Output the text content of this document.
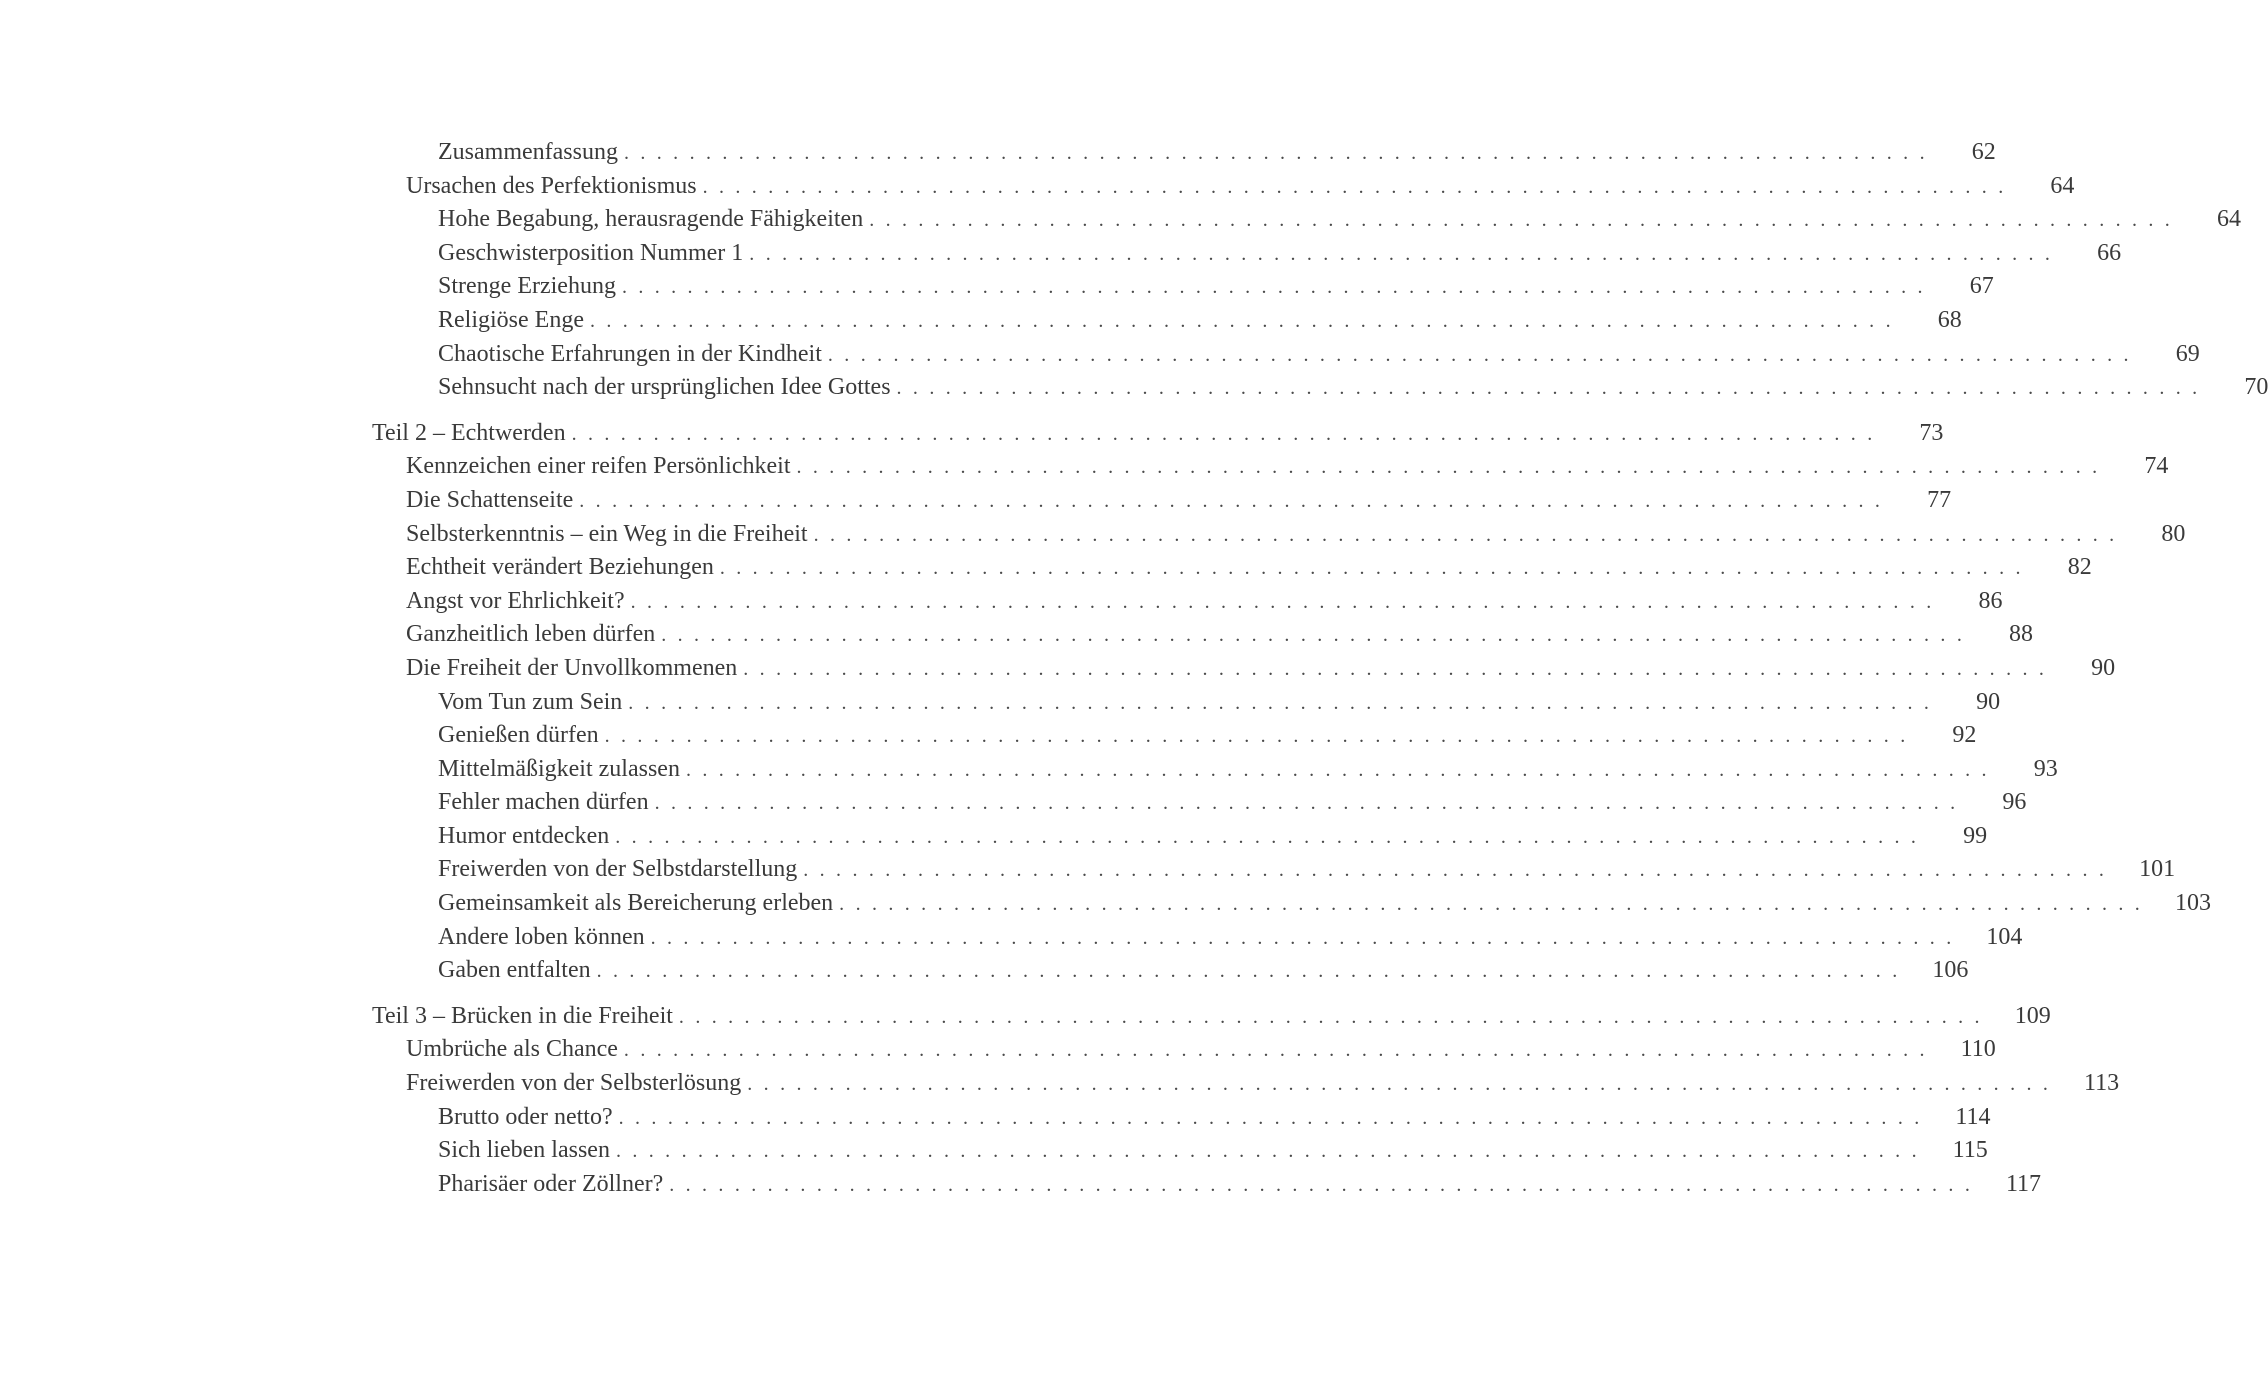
Zusammenfassung . . . . . . . . . . . . . . . . . . . . . . . . . . . . . . . . . . . . . . . . . . . . . . . . . . . . . . . . . . . . . . . . . . . . . . . . . . . . . . . .	62
Ursachen des Perfektionismus . . . . . . . . . . . . . . . . . . . . . . . . . . . . . . . . . . . . . . . . . . . . . . . . . . . . . . . . . . . . . . . . . . . . . . . . . . . . . . . .	64
Hohe Begabung, herausragende Fähigkeiten . . . . . . . . . . . . . . . . . . . . . . . . . . . . . . . . . . . . . . . . . . . . . . . . . . . . . . . . . . . . . . . . . . . . . . . . . . . . . . . .	64
Geschwisterposition Nummer 1 . . . . . . . . . . . . . . . . . . . . . . . . . . . . . . . . . . . . . . . . . . . . . . . . . . . . . . . . . . . . . . . . . . . . . . . . . . . . . . . .	66
Strenge Erziehung . . . . . . . . . . . . . . . . . . . . . . . . . . . . . . . . . . . . . . . . . . . . . . . . . . . . . . . . . . . . . . . . . . . . . . . . . . . . . . . .	67
Religiöse Enge . . . . . . . . . . . . . . . . . . . . . . . . . . . . . . . . . . . . . . . . . . . . . . . . . . . . . . . . . . . . . . . . . . . . . . . . . . . . . . . .	68
Chaotische Erfahrungen in der Kindheit . . . . . . . . . . . . . . . . . . . . . . . . . . . . . . . . . . . . . . . . . . . . . . . . . . . . . . . . . . . . . . . . . . . . . . . . . . . . . . . .	69
Sehnsucht nach der ursprünglichen Idee Gottes . . . . . . . . . . . . . . . . . . . . . . . . . . . . . . . . . . . . . . . . . . . . . . . . . . . . . . . . . . . . . . . . . . . . . . . . . . . . . . . .	70
Teil 2 – Echtwerden . . . . . . . . . . . . . . . . . . . . . . . . . . . . . . . . . . . . . . . . . . . . . . . . . . . . . . . . . . . . . . . . . . . . . . . . . . . . . . . .	73
Kennzeichen einer reifen Persönlichkeit . . . . . . . . . . . . . . . . . . . . . . . . . . . . . . . . . . . . . . . . . . . . . . . . . . . . . . . . . . . . . . . . . . . . . . . . . . . . . . . .	74
Die Schattenseite . . . . . . . . . . . . . . . . . . . . . . . . . . . . . . . . . . . . . . . . . . . . . . . . . . . . . . . . . . . . . . . . . . . . . . . . . . . . . . . .	77
Selbsterkenntnis – ein Weg in die Freiheit . . . . . . . . . . . . . . . . . . . . . . . . . . . . . . . . . . . . . . . . . . . . . . . . . . . . . . . . . . . . . . . . . . . . . . . . . . . . . . . .	80
Echtheit verändert Beziehungen . . . . . . . . . . . . . . . . . . . . . . . . . . . . . . . . . . . . . . . . . . . . . . . . . . . . . . . . . . . . . . . . . . . . . . . . . . . . . . . .	82
Angst vor Ehrlichkeit? . . . . . . . . . . . . . . . . . . . . . . . . . . . . . . . . . . . . . . . . . . . . . . . . . . . . . . . . . . . . . . . . . . . . . . . . . . . . . . . .	86
Ganzheitlich leben dürfen . . . . . . . . . . . . . . . . . . . . . . . . . . . . . . . . . . . . . . . . . . . . . . . . . . . . . . . . . . . . . . . . . . . . . . . . . . . . . . . .	88
Die Freiheit der Unvollkommenen . . . . . . . . . . . . . . . . . . . . . . . . . . . . . . . . . . . . . . . . . . . . . . . . . . . . . . . . . . . . . . . . . . . . . . . . . . . . . . . .	90
Vom Tun zum Sein . . . . . . . . . . . . . . . . . . . . . . . . . . . . . . . . . . . . . . . . . . . . . . . . . . . . . . . . . . . . . . . . . . . . . . . . . . . . . . . .	90
Genießen dürfen . . . . . . . . . . . . . . . . . . . . . . . . . . . . . . . . . . . . . . . . . . . . . . . . . . . . . . . . . . . . . . . . . . . . . . . . . . . . . . . .	92
Mittelmäßigkeit zulassen . . . . . . . . . . . . . . . . . . . . . . . . . . . . . . . . . . . . . . . . . . . . . . . . . . . . . . . . . . . . . . . . . . . . . . . . . . . . . . . .	93
Fehler machen dürfen . . . . . . . . . . . . . . . . . . . . . . . . . . . . . . . . . . . . . . . . . . . . . . . . . . . . . . . . . . . . . . . . . . . . . . . . . . . . . . . .	96
Humor entdecken . . . . . . . . . . . . . . . . . . . . . . . . . . . . . . . . . . . . . . . . . . . . . . . . . . . . . . . . . . . . . . . . . . . . . . . . . . . . . . . .	99
Freiwerden von der Selbstdarstellung . . . . . . . . . . . . . . . . . . . . . . . . . . . . . . . . . . . . . . . . . . . . . . . . . . . . . . . . . . . . . . . . . . . . . . . . . . . . . . . . 101
Gemeinsamkeit als Bereicherung erleben . . . . . . . . . . . . . . . . . . . . . . . . . . . . . . . . . . . . . . . . . . . . . . . . . . . . . . . . . . . . . . . . . . . . . . . . . . . . . . . . 103
Andere loben können . . . . . . . . . . . . . . . . . . . . . . . . . . . . . . . . . . . . . . . . . . . . . . . . . . . . . . . . . . . . . . . . . . . . . . . . . . . . . . . . 104
Gaben entfalten . . . . . . . . . . . . . . . . . . . . . . . . . . . . . . . . . . . . . . . . . . . . . . . . . . . . . . . . . . . . . . . . . . . . . . . . . . . . . . . . 106
Teil 3 – Brücken in die Freiheit . . . . . . . . . . . . . . . . . . . . . . . . . . . . . . . . . . . . . . . . . . . . . . . . . . . . . . . . . . . . . . . . . . . . . . . . . . . . . . . . 109
Umbrüche als Chance . . . . . . . . . . . . . . . . . . . . . . . . . . . . . . . . . . . . . . . . . . . . . . . . . . . . . . . . . . . . . . . . . . . . . . . . . . . . . . . . 110
Freiwerden von der Selbsterlösung . . . . . . . . . . . . . . . . . . . . . . . . . . . . . . . . . . . . . . . . . . . . . . . . . . . . . . . . . . . . . . . . . . . . . . . . . . . . . . . . 113
Brutto oder netto? . . . . . . . . . . . . . . . . . . . . . . . . . . . . . . . . . . . . . . . . . . . . . . . . . . . . . . . . . . . . . . . . . . . . . . . . . . . . . . . . 114
Sich lieben lassen . . . . . . . . . . . . . . . . . . . . . . . . . . . . . . . . . . . . . . . . . . . . . . . . . . . . . . . . . . . . . . . . . . . . . . . . . . . . . . . . 115
Pharisäer oder Zöllner? . . . . . . . . . . . . . . . . . . . . . . . . . . . . . . . . . . . . . . . . . . . . . . . . . . . . . . . . . . . . . . . . . . . . . . . . . . . . . . . . 117
